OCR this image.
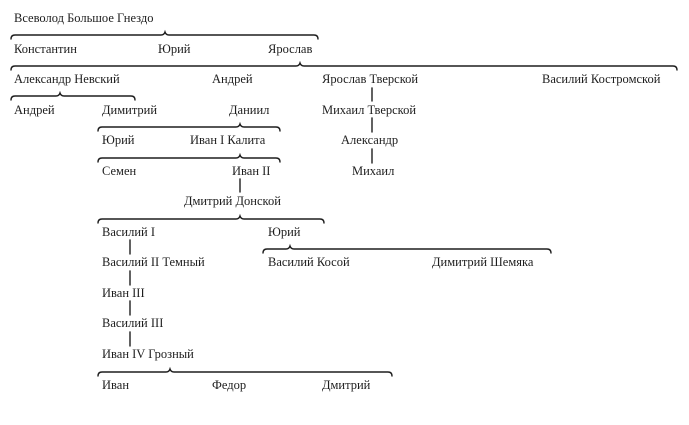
Всеволод Большое Гнездо
Константин	Юрий	Ярослав
Александр Невский	Андрей	Ярослав Тверской	Василий Костромской
Андрей	Димитрий	Даниил	Михаил Тверской
Юрий	Иван I Калита	Александр
Семен	Иван II	Михаил
Дмитрий Донской
Василий I	Юрий
Василий II Темный	Василий Косой	Димитрий Шемяка
Иван III
Василий III
Иван IV Грозный
Иван	Федор	Дмитрий
